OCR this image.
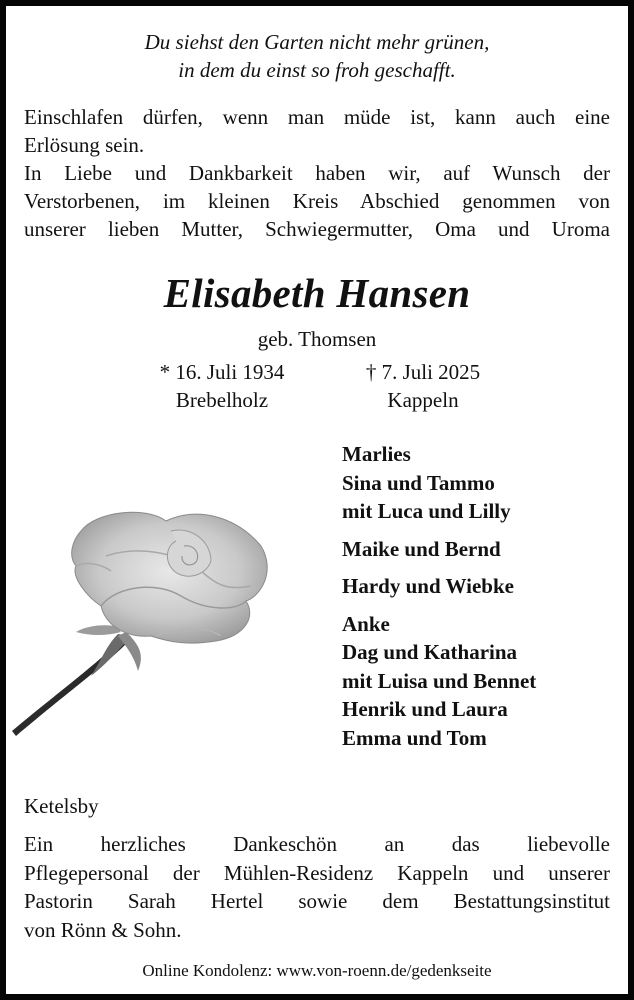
Du siehst den Garten nicht mehr grünen,
in dem du einst so froh geschafft.

Einschlafen dürfen, wenn man müde ist, kann auch eine

Erlösung sein.

In Liebe und Dankbarkeit haben wir, auf Wunsch der

Verstorbenen, im kleinen Kreis Abschied genommen von

unserer lieben Mutter, Schwiegermutter, Oma und Uroma

Elisabeth Hansen
geb. Thomsen
* 16. Juli 1934
Brebelholz
† 7. Juli 2025
Kappeln
Marlies
Sina und Tammo
mit Luca und Lilly
Maike und Bernd
Hardy und Wiebke
Anke
Dag und Katharina
mit Luisa und Bennet
Henrik und Laura
Emma und Tom
Ketelsby

Ein herzliches Dankeschön an das liebevolle

Pflegepersonal der Mühlen-Residenz Kappeln und unserer

Pastorin Sarah Hertel sowie dem Bestattungsinstitut

von Rönn & Sohn.

Online Kondolenz: www.von-roenn.de/gedenkseite
